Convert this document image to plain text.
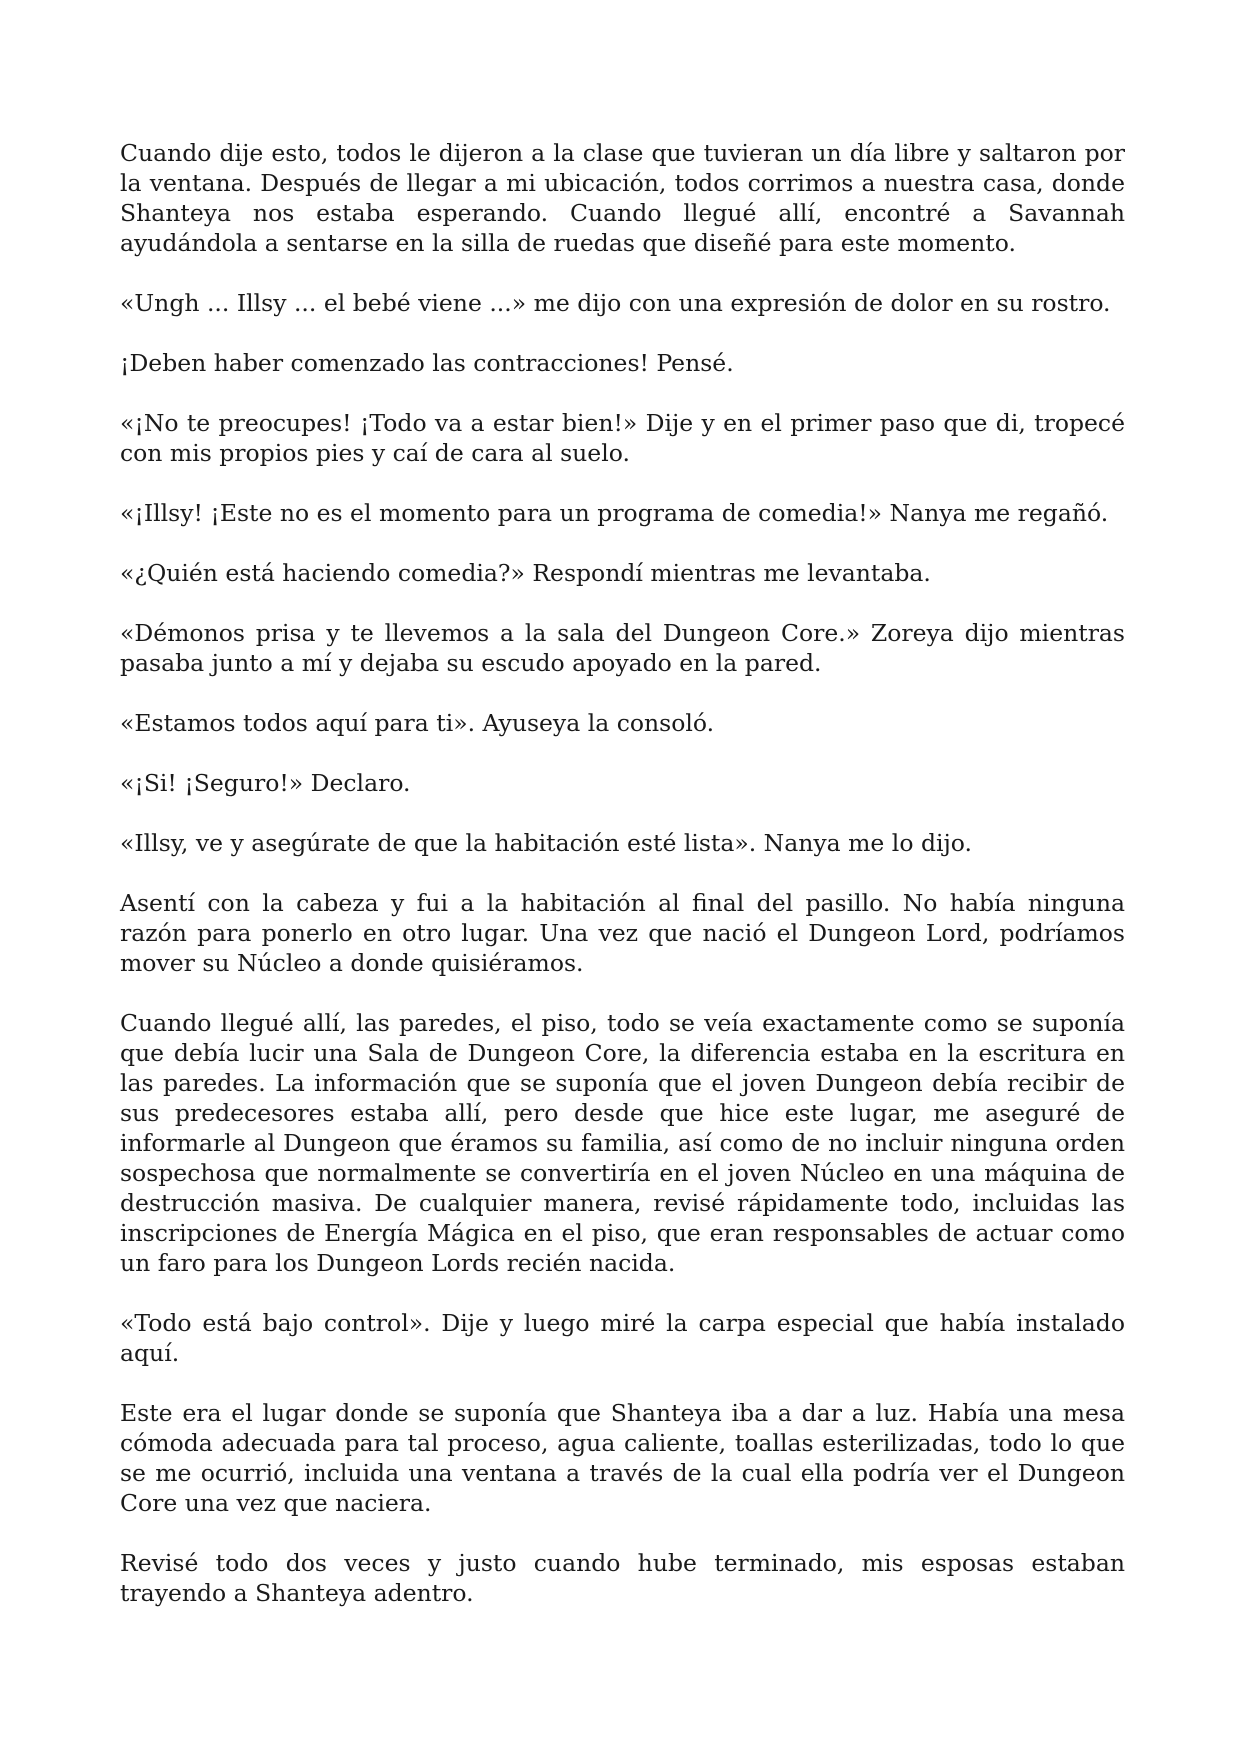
Cuando dije esto, todos le dijeron a la clase que tuvieran un día libre y saltaron por la ventana. Después de llegar a mi ubicación, todos corrimos a nuestra casa, donde Shanteya nos estaba esperando. Cuando llegué allí, encontré a Savannah ayudándola a sentarse en la silla de ruedas que diseñé para este momento.

«Ungh ... Illsy ... el bebé viene ...» me dijo con una expresión de dolor en su rostro.

¡Deben haber comenzado las contracciones! Pensé.

«¡No te preocupes! ¡Todo va a estar bien!» Dije y en el primer paso que di, tropecé con mis propios pies y caí de cara al suelo.

«¡Illsy! ¡Este no es el momento para un programa de comedia!» Nanya me regañó.

«¿Quién está haciendo comedia?» Respondí mientras me levantaba.

«Démonos prisa y te llevemos a la sala del Dungeon Core.» Zoreya dijo mientras pasaba junto a mí y dejaba su escudo apoyado en la pared.

«Estamos todos aquí para ti». Ayuseya la consoló.

«¡Si! ¡Seguro!» Declaro.

«Illsy, ve y asegúrate de que la habitación esté lista». Nanya me lo dijo.

Asentí con la cabeza y fui a la habitación al final del pasillo. No había ninguna razón para ponerlo en otro lugar. Una vez que nació el Dungeon Lord, podríamos mover su Núcleo a donde quisiéramos.

Cuando llegué allí, las paredes, el piso, todo se veía exactamente como se suponía que debía lucir una Sala de Dungeon Core, la diferencia estaba en la escritura en las paredes. La información que se suponía que el joven Dungeon debía recibir de sus predecesores estaba allí, pero desde que hice este lugar, me aseguré de informarle al Dungeon que éramos su familia, así como de no incluir ninguna orden sospechosa que normalmente se convertiría en el joven Núcleo en una máquina de destrucción masiva. De cualquier manera, revisé rápidamente todo, incluidas las inscripciones de Energía Mágica en el piso, que eran responsables de actuar como un faro para los Dungeon Lords recién nacida.

«Todo está bajo control». Dije y luego miré la carpa especial que había instalado aquí.

Este era el lugar donde se suponía que Shanteya iba a dar a luz. Había una mesa cómoda adecuada para tal proceso, agua caliente, toallas esterilizadas, todo lo que se me ocurrió, incluida una ventana a través de la cual ella podría ver el Dungeon Core una vez que naciera.

Revisé todo dos veces y justo cuando hube terminado, mis esposas estaban trayendo a Shanteya adentro.
